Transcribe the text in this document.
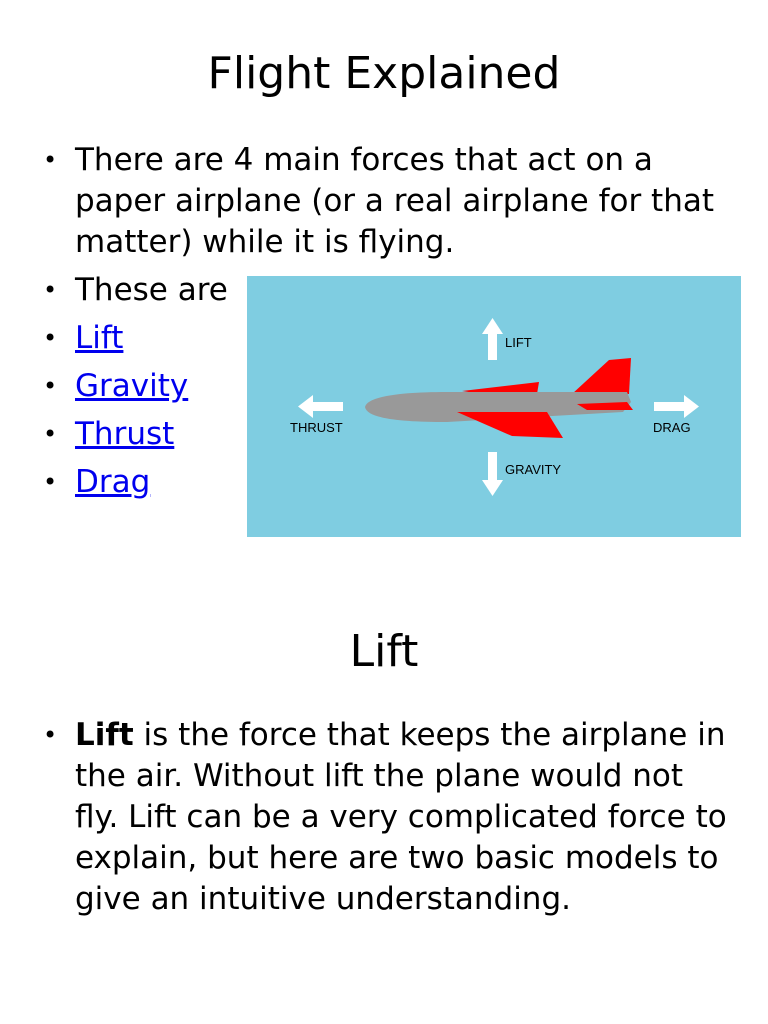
Flight Explained
• There are 4 main forces that act on a paper airplane (or a real airplane for that matter) while it is flying.
• These are
• Lift
• Gravity
• Thrust
• Drag
LIFT
GRAVITY
THRUST	DRAG
Lift
• Lift is the force that keeps the airplane in the air. Without lift the plane would not fly. Lift can be a very complicated force to explain, but here are two basic models to give an intuitive understanding.
